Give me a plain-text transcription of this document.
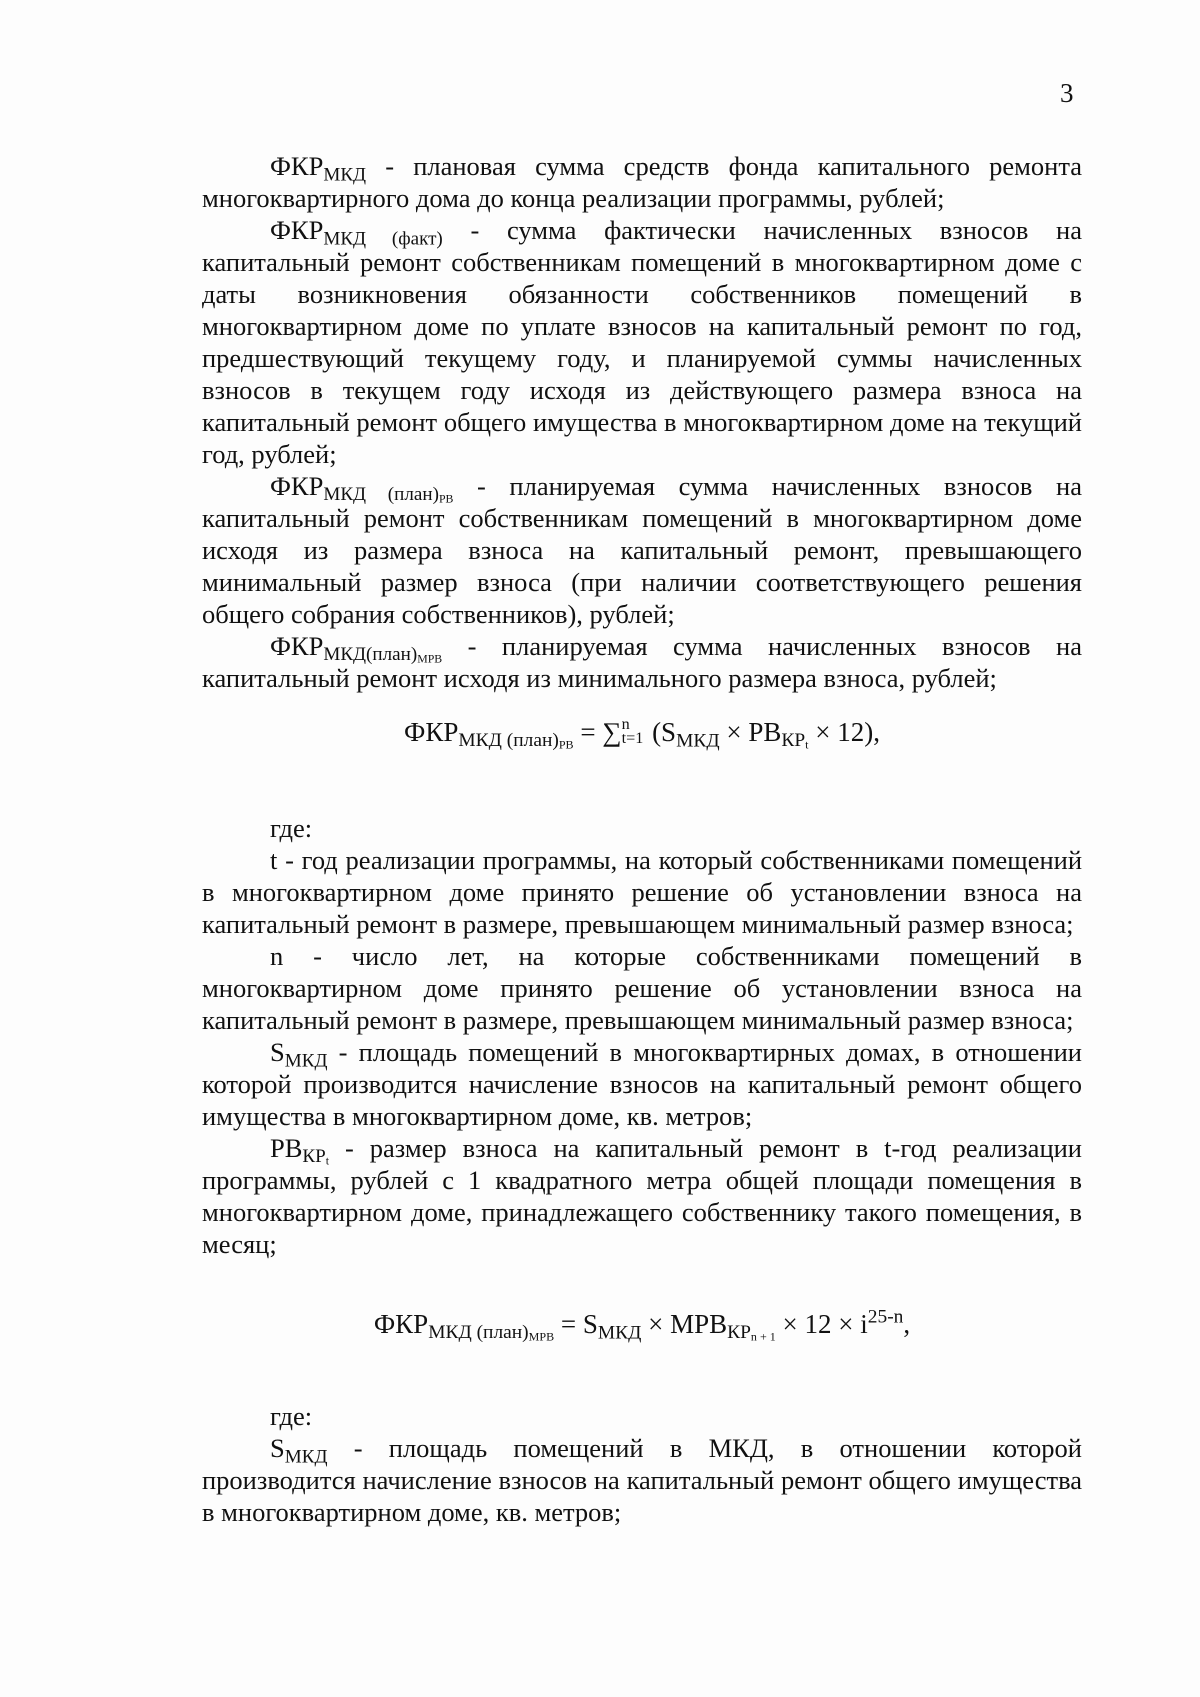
3

$ФКР_{МКД}$ - плановая сумма средств фонда капитального ремонта многоквартирного дома до конца реализации программы, рублей;

$ФКР_{МКД (факт)}$ - сумма фактически начисленных взносов на капитальный ремонт собственникам помещений в многоквартирном доме с даты возникновения обязанности собственников помещений в многоквартирном доме по уплате взносов на капитальный ремонт по год, предшествующий текущему году, и планируемой суммы начисленных взносов в текущем году исходя из действующего размера взноса на капитальный ремонт общего имущества в многоквартирном доме на текущий год, рублей;

$ФКР_{МКД (план)_{РВ}}$ - планируемая сумма начисленных взносов на капитальный ремонт собственникам помещений в многоквартирном доме исходя из размера взноса на капитальный ремонт, превышающего минимальный размер взноса (при наличии соответствующего решения общего собрания собственников), рублей;

$ФКР_{МКД(план)_{МРВ}}$ - планируемая сумма начисленных взносов на капитальный ремонт исходя из минимального размера взноса, рублей;

$ФКР_{МКД (план)_{РВ}}$ = ∑ n
t=1 $(S_{МКД} \times РВ_{КР_t} \times 12)$,

где:

t - год реализации программы, на который собственниками помещений в многоквартирном доме принято решение об установлении взноса на капитальный ремонт в размере, превышающем минимальный размер взноса;

n - число лет, на которые собственниками помещений в многоквартирном доме принято решение об установлении взноса на капитальный ремонт в размере, превышающем минимальный размер взноса;

$S_{МКД}$ - площадь помещений в многоквартирных домах, в отношении которой производится начисление взносов на капитальный ремонт общего имущества в многоквартирном доме, кв. метров;

$РВ_{КР_t}$ - размер взноса на капитальный ремонт в t-год реализации программы, рублей с 1 квадратного метра общей площади помещения в многоквартирном доме, принадлежащего собственнику такого помещения, в месяц;

$ФКР_{МКД (план)_{МРВ}} = S_{МКД} \times МРВ_{КР_{n + 1}} \times 12 \times i^{25-n}$,

где:

$S_{МКД}$ - площадь помещений в МКД, в отношении которой производится начисление взносов на капитальный ремонт общего имущества в многоквартирном доме, кв. метров;
